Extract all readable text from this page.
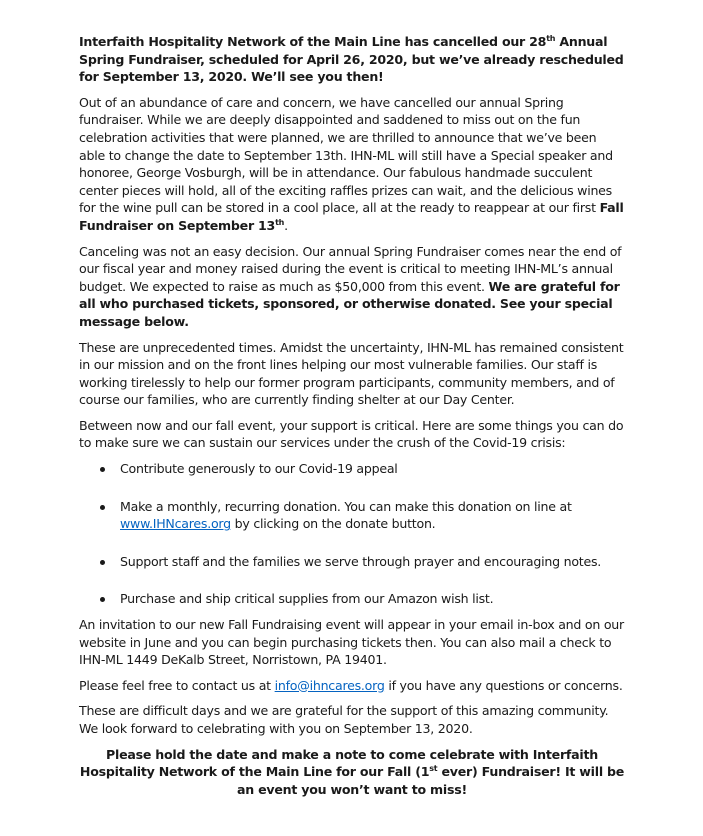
Interfaith Hospitality Network of the Main Line has cancelled our 28th Annual Spring Fundraiser, scheduled for April 26, 2020, but we’ve already rescheduled for September 13, 2020. We’ll see you then!

Out of an abundance of care and concern, we have cancelled our annual Spring fundraiser. While we are deeply disappointed and saddened to miss out on the fun celebration activities that were planned, we are thrilled to announce that we’ve been able to change the date to September 13th. IHN-ML will still have a Special speaker and honoree, George Vosburgh, will be in attendance. Our fabulous handmade succulent center pieces will hold, all of the exciting raffles prizes can wait, and the delicious wines for the wine pull can be stored in a cool place, all at the ready to reappear at our first Fall Fundraiser on September 13th.

Canceling was not an easy decision. Our annual Spring Fundraiser comes near the end of our fiscal year and money raised during the event is critical to meeting IHN-ML’s annual budget. We expected to raise as much as $50,000 from this event. We are grateful for all who purchased tickets, sponsored, or otherwise donated. See your special message below.

These are unprecedented times. Amidst the uncertainty, IHN-ML has remained consistent in our mission and on the front lines helping our most vulnerable families. Our staff is working tirelessly to help our former program participants, community members, and of course our families, who are currently finding shelter at our Day Center.

Between now and our fall event, your support is critical. Here are some things you can do to make sure we can sustain our services under the crush of the Covid-19 crisis:

Contribute generously to our Covid-19 appeal
Make a monthly, recurring donation. You can make this donation on line at www.IHNcares.org by clicking on the donate button.
Support staff and the families we serve through prayer and encouraging notes.
Purchase and ship critical supplies from our Amazon wish list.

An invitation to our new Fall Fundraising event will appear in your email in-box and on our website in June and you can begin purchasing tickets then. You can also mail a check to IHN-ML 1449 DeKalb Street, Norristown, PA 19401.

Please feel free to contact us at info@ihncares.org if you have any questions or concerns.

These are difficult days and we are grateful for the support of this amazing community. We look forward to celebrating with you on September 13, 2020.

Please hold the date and make a note to come celebrate with Interfaith Hospitality Network of the Main Line for our Fall (1st ever) Fundraiser! It will be an event you won’t want to miss!
